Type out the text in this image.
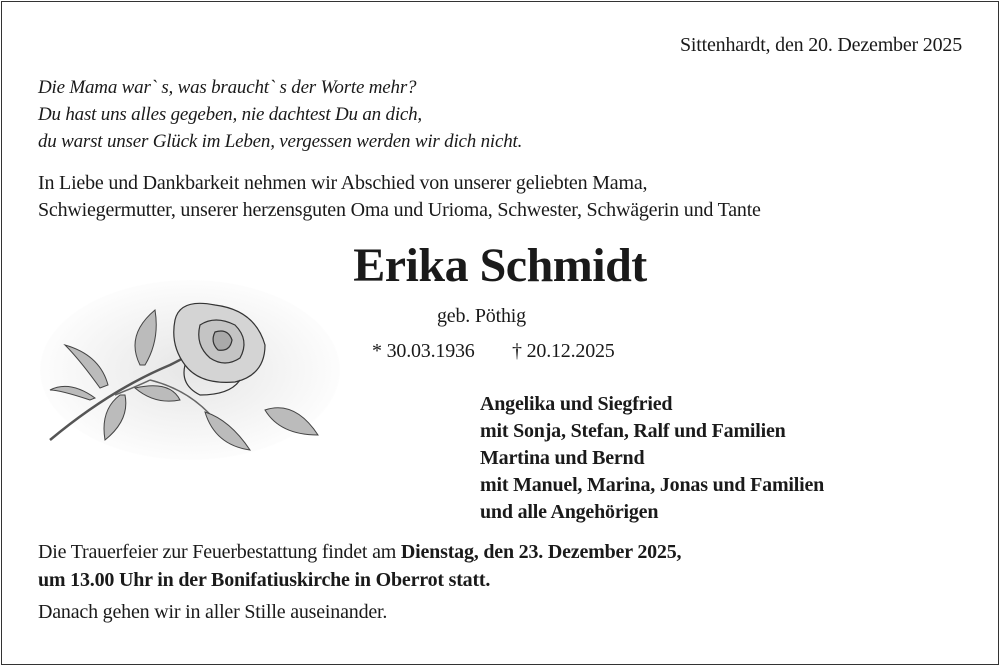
Sittenhardt, den 20. Dezember 2025
Die Mama war` s, was braucht` s der Worte mehr?
Du hast uns alles gegeben, nie dachtest Du an dich,
du warst unser Glück im Leben, vergessen werden wir dich nicht.
In Liebe und Dankbarkeit nehmen wir Abschied von unserer geliebten Mama,
Schwiegermutter, unserer herzensguten Oma und Urioma, Schwester, Schwägerin und Tante
Erika Schmidt
geb. Pöthig
* 30.03.1936 † 20.12.2025
Angelika und Siegfried
mit Sonja, Stefan, Ralf und Familien
Martina und Bernd
mit Manuel, Marina, Jonas und Familien
und alle Angehörigen
Die Trauerfeier zur Feuerbestattung findet am Dienstag, den 23. Dezember 2025,
um 13.00 Uhr in der Bonifatiuskirche in Oberrot statt.
Danach gehen wir in aller Stille auseinander.
